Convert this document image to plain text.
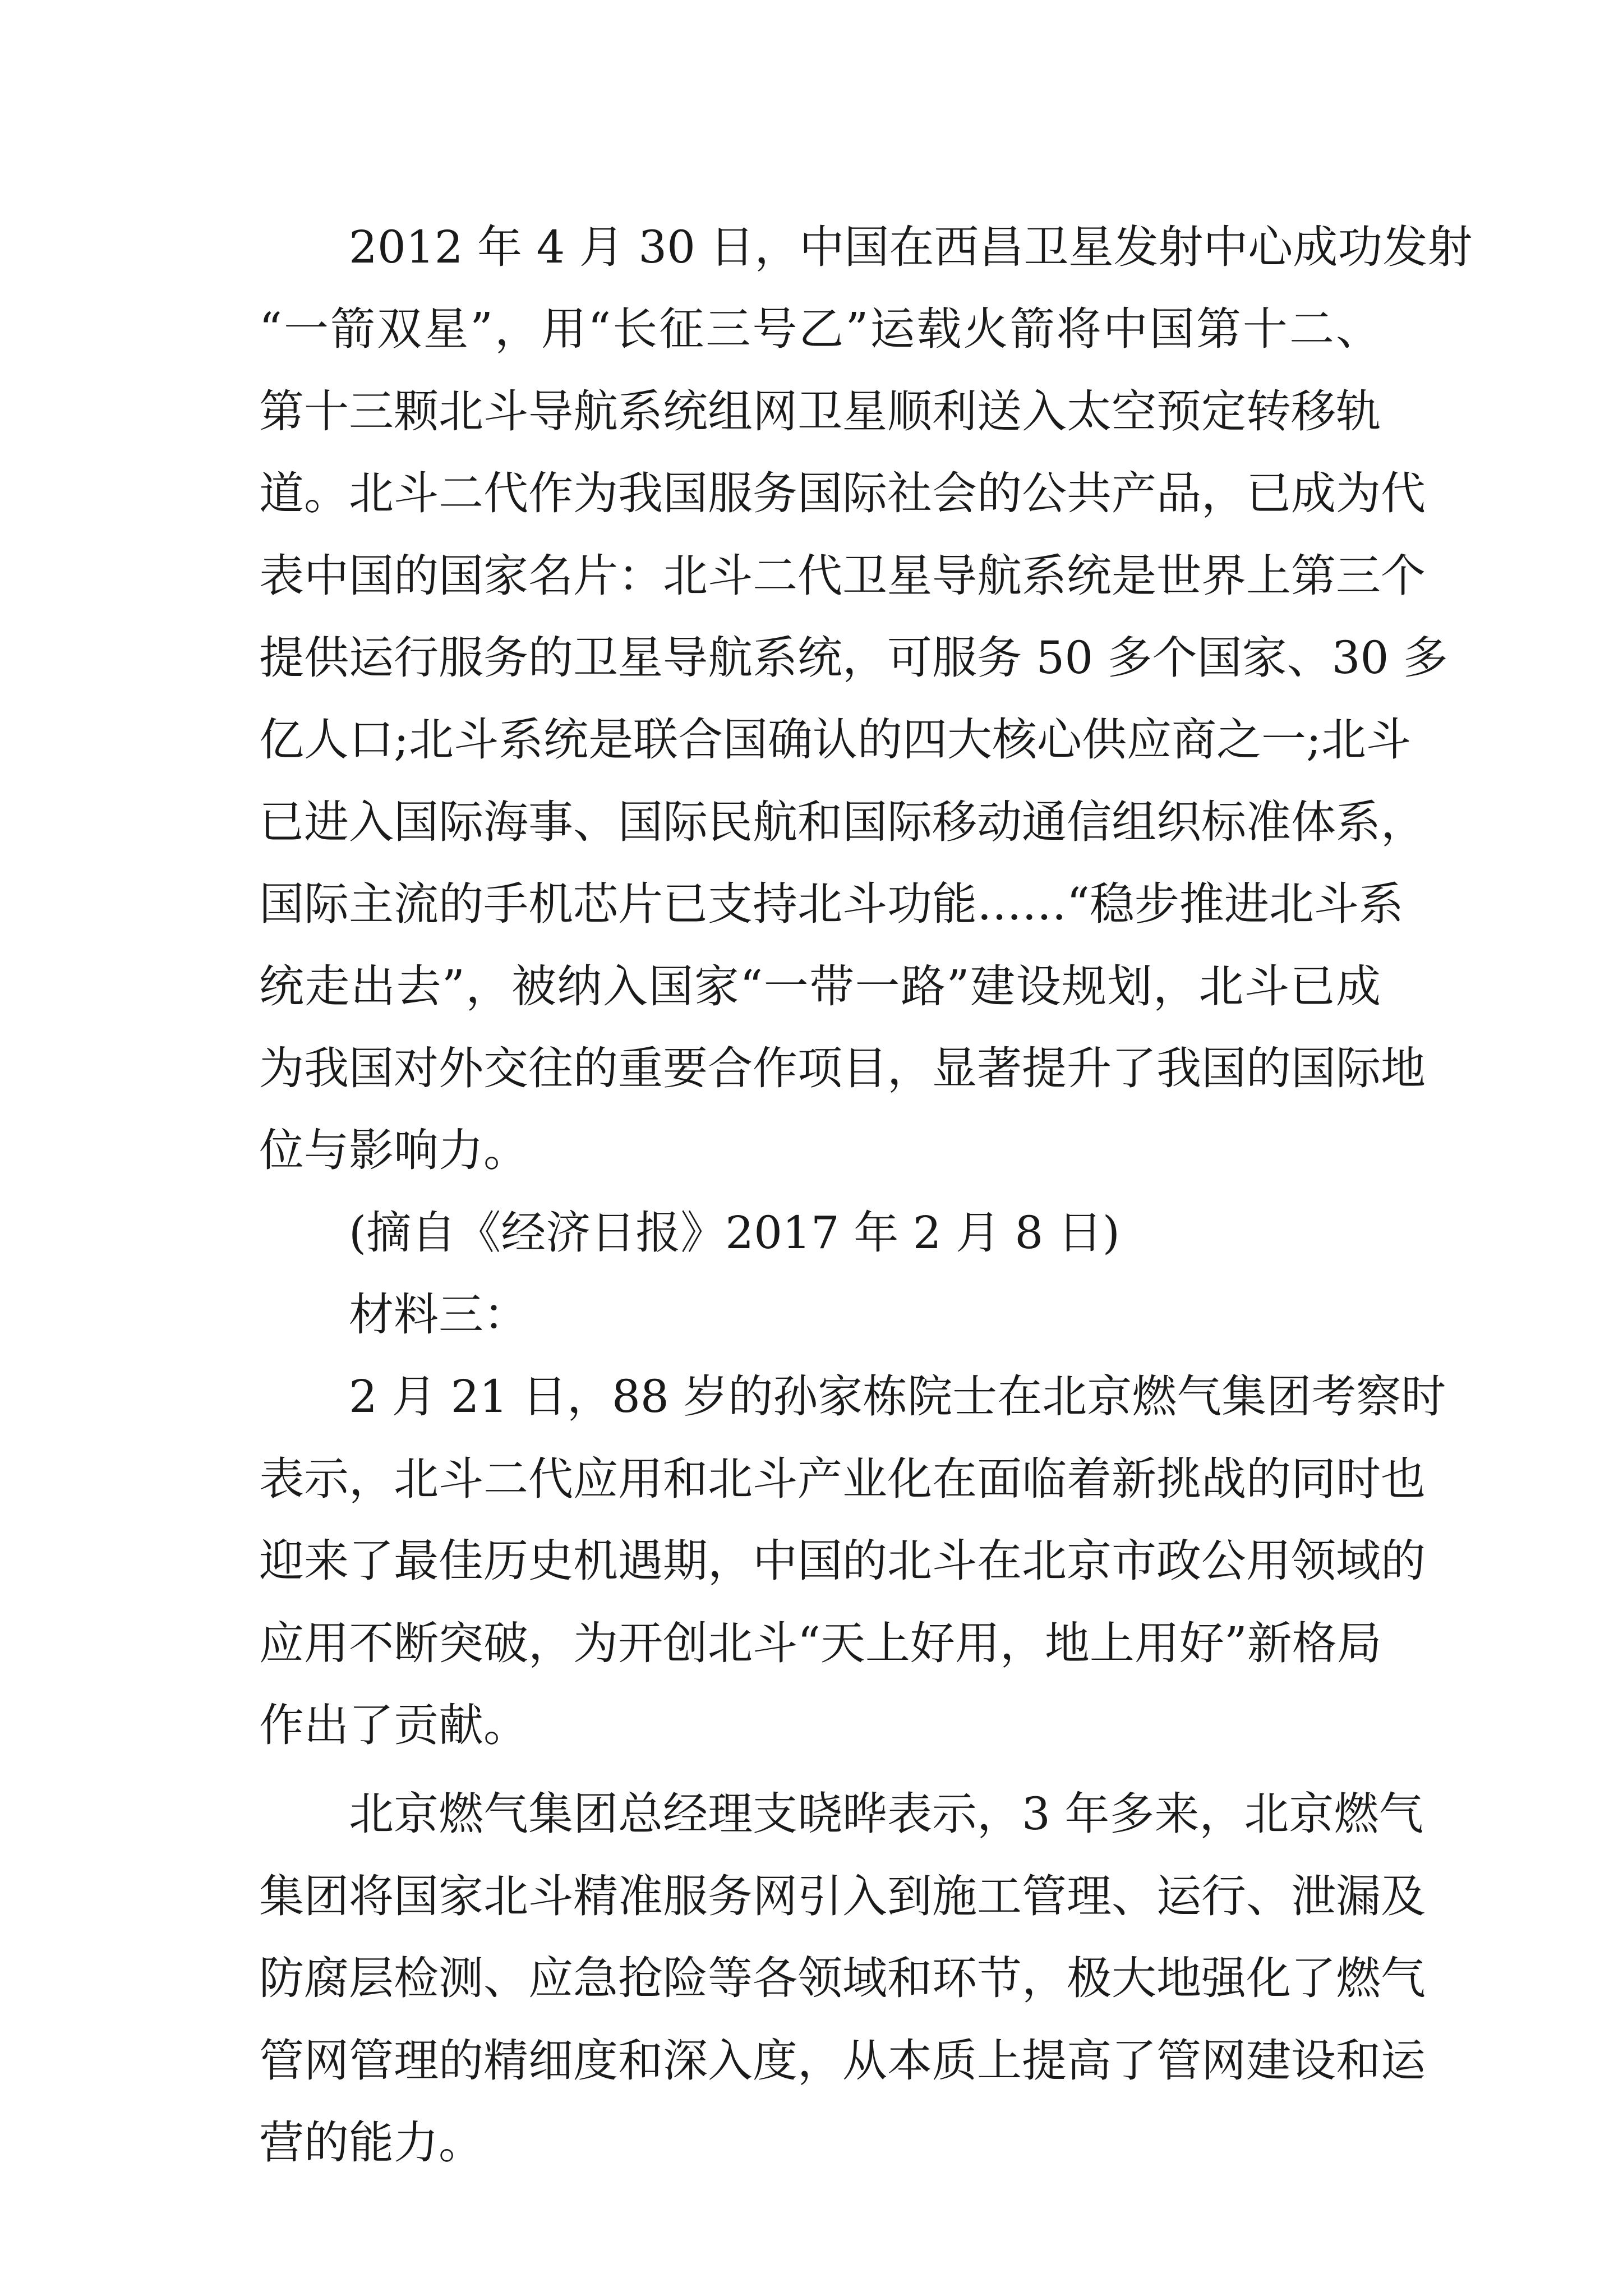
2012 年 4 月 30 日，中国在西昌卫星发射中心成功发射
“一箭双星”，用“长征三号乙”运载火箭将中国第十二、
第十三颗北斗导航系统组网卫星顺利送入太空预定转移轨
道。北斗二代作为我国服务国际社会的公共产品，已成为代
表中国的国家名片：北斗二代卫星导航系统是世界上第三个
提供运行服务的卫星导航系统，可服务 50 多个国家、30 多
亿人口;北斗系统是联合国确认的四大核心供应商之一;北斗
已进入国际海事、国际民航和国际移动通信组织标准体系，
国际主流的手机芯片已支持北斗功能……“稳步推进北斗系
统走出去”，被纳入国家“一带一路”建设规划，北斗已成
为我国对外交往的重要合作项目，显著提升了我国的国际地
位与影响力。
(摘自《经济日报》2017 年 2 月 8 日)
材料三：
2 月 21 日，88 岁的孙家栋院士在北京燃气集团考察时
表示，北斗二代应用和北斗产业化在面临着新挑战的同时也
迎来了最佳历史机遇期，中国的北斗在北京市政公用领域的
应用不断突破，为开创北斗“天上好用，地上用好”新格局
作出了贡献。
北京燃气集团总经理支晓晔表示，3 年多来，北京燃气
集团将国家北斗精准服务网引入到施工管理、运行、泄漏及
防腐层检测、应急抢险等各领域和环节，极大地强化了燃气
管网管理的精细度和深入度，从本质上提高了管网建设和运
营的能力。
